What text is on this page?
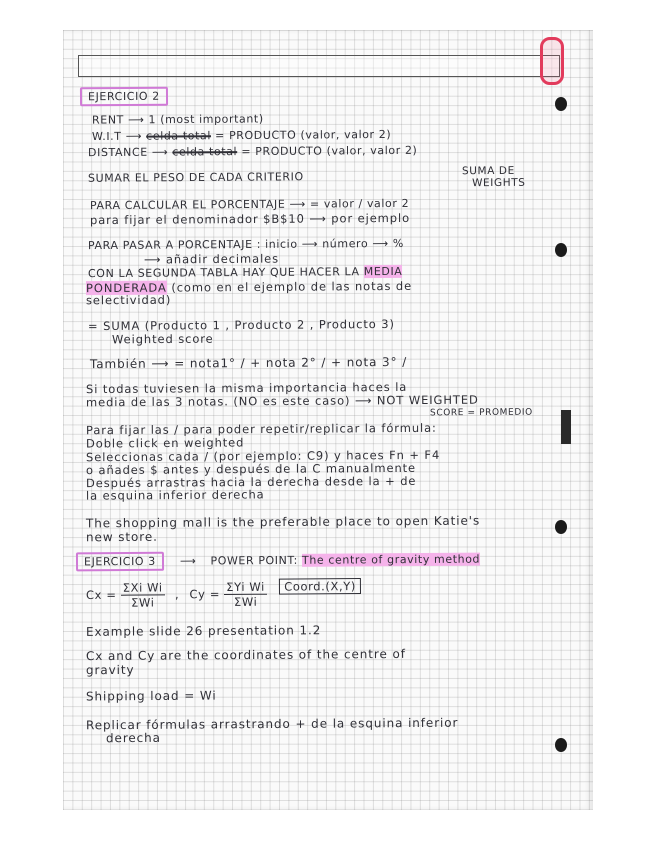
EJERCICIO 2
RENT ⟶ 1 (most important)
W.I.T ⟶ celda total = PRODUCTO (valor, valor 2)
DISTANCE ⟶ celda total = PRODUCTO (valor, valor 2)
SUMAR EL PESO DE CADA CRITERIO	SUMA DE
WEIGHTS
PARA CALCULAR EL PORCENTAJE ⟶ = valor / valor 2
para fijar el denominador $B$10 ⟶ por ejemplo
PARA PASAR A PORCENTAJE : inicio ⟶ número ⟶ %
⟶ añadir decimales
CON LA SEGUNDA TABLA HAY QUE HACER LA MEDIA
PONDERADA (como en el ejemplo de las notas de
selectividad)
= SUMA (Producto 1 , Producto 2 , Producto 3)
Weighted score
También ⟶ = nota1° / + nota 2° / + nota 3° /
Si todas tuviesen la misma importancia haces la
media de las 3 notas. (NO es este caso) ⟶ NOT WEIGHTED
SCORE = PROMEDIO
Para fijar las / para poder repetir/replicar la fórmula:
Doble click en weighted
Seleccionas cada / (por ejemplo: C9) y haces Fn + F4
o añades $ antes y después de la C manualmente
Después arrastras hacia la derecha desde la + de
la esquina inferior derecha
The shopping mall is the preferable place to open Katie's
new store.
EJERCICIO 3 ⟶ POWER POINT: The centre of gravity method
$Cx = \frac{\text{ΣXi Wi}}{\text{ΣWi}}$ , $Cy = \frac{\text{ΣYi Wi}}{\text{ΣWi}}$ Coord.(X,Y)
Example slide 26 presentation 1.2
Cx and Cy are the coordinates of the centre of
gravity
Shipping load = Wi
Replicar fórmulas arrastrando + de la esquina inferior
derecha
